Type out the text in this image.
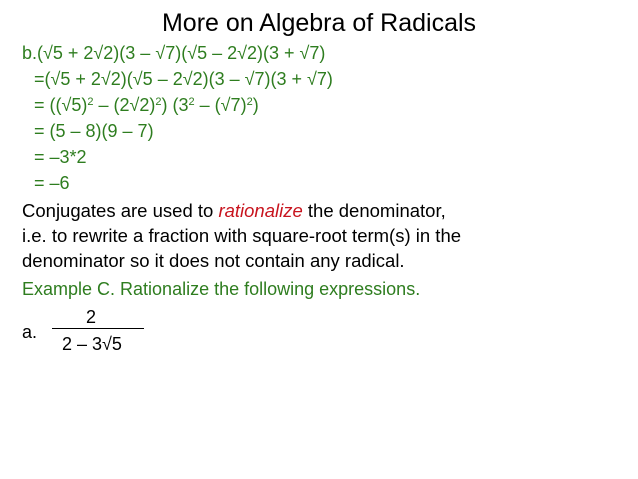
More on Algebra of Radicals
b.(√5 + 2√2)(3 – √7)(√5 – 2√2)(3 + √7)
=(√5 + 2√2)(√5 – 2√2)(3 – √7)(3 + √7)
= $((√5)^2 - (2√2)^2)$ $(3^2 - (√7)^2)$
= (5 – 8)(9 – 7)
= –3*2
= –6
Conjugates are used to rationalize the denominator,
i.e. to rewrite a fraction with square-root term(s) in the
denominator so it does not contain any radical.
Example C. Rationalize the following expressions.
a.
2
2 – 3√5
